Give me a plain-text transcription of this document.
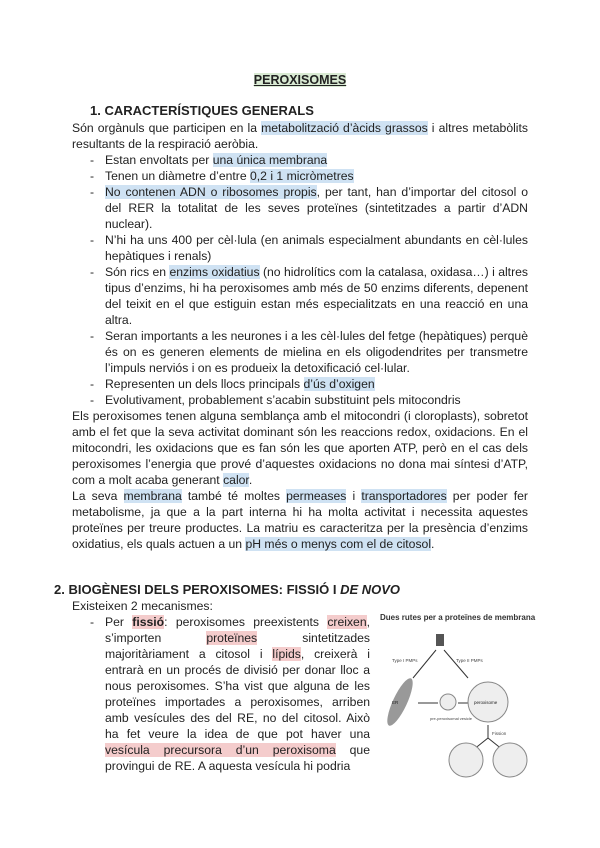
PEROXISOMES
1. CARACTERÍSTIQUES GENERALS
Són orgànuls que participen en la metabolització d’àcids grassos i altres metabòlits resultants de la respiració aeròbia.
- Estan envoltats per una única membrana
- Tenen un diàmetre d’entre 0,2 i 1 micròmetres
- No contenen ADN o ribosomes propis, per tant, han d’importar del citosol o del RER la totalitat de les seves proteïnes (sintetitzades a partir d’ADN nuclear).
- N’hi ha uns 400 per cèl·lula (en animals especialment abundants en cèl·lules hepàtiques i renals)
- Són rics en enzims oxidatius (no hidrolítics com la catalasa, oxidasa…) i altres tipus d’enzims, hi ha peroxisomes amb més de 50 enzims diferents, depenent del teixit en el que estiguin estan més especialitzats en una reacció en una altra.
- Seran importants a les neurones i a les cèl·lules del fetge (hepàtiques) perquè és on es generen elements de mielina en els oligodendrites per transmetre l’impuls nerviós i on es produeix la detoxificació cel·lular.
- Representen un dels llocs principals d’ús d’oxigen
- Evolutivament, probablement s’acabin substituint pels mitocondris
Els peroxisomes tenen alguna semblança amb el mitocondri (i cloroplasts), sobretot amb el fet que la seva activitat dominant són les reaccions redox, oxidacions. En el mitocondri, les oxidacions que es fan són les que aporten ATP, però en el cas dels peroxisomes l’energia que prové d’aquestes oxidacions no dona mai síntesi d’ATP, com a molt acaba generant calor.
La seva membrana també té moltes permeases i transportadores per poder fer metabolisme, ja que a la part interna hi ha molta activitat i necessita aquestes proteïnes per treure productes. La matriu es caracteritza per la presència d’enzims oxidatius, els quals actuen a un pH més o menys com el de citosol.
2. BIOGÈNESI DELS PEROXISOMES: FISSIÓ I DE NOVO
Existeixen 2 mecanismes:
- Per fissió: peroxisomes preexistents creixen, s’importen proteïnes sintetitzades majoritàriament a citosol i lípids, creixerà i entrarà en un procés de divisió per donar lloc a nous peroxisomes. S’ha vist que alguna de les proteïnes importades a peroxisomes, arriben amb vesícules des del RE, no del citosol. Això ha fet veure la idea de que pot haver una vesícula precursora d’un peroxisoma que provingui de RE. A aquesta vesícula hi podria
Dues rutes per a proteïnes de membrana
Type I PMPs	Type II PMPs
ER
pre-peroxisomal vesicle
peroxisome
Fission
